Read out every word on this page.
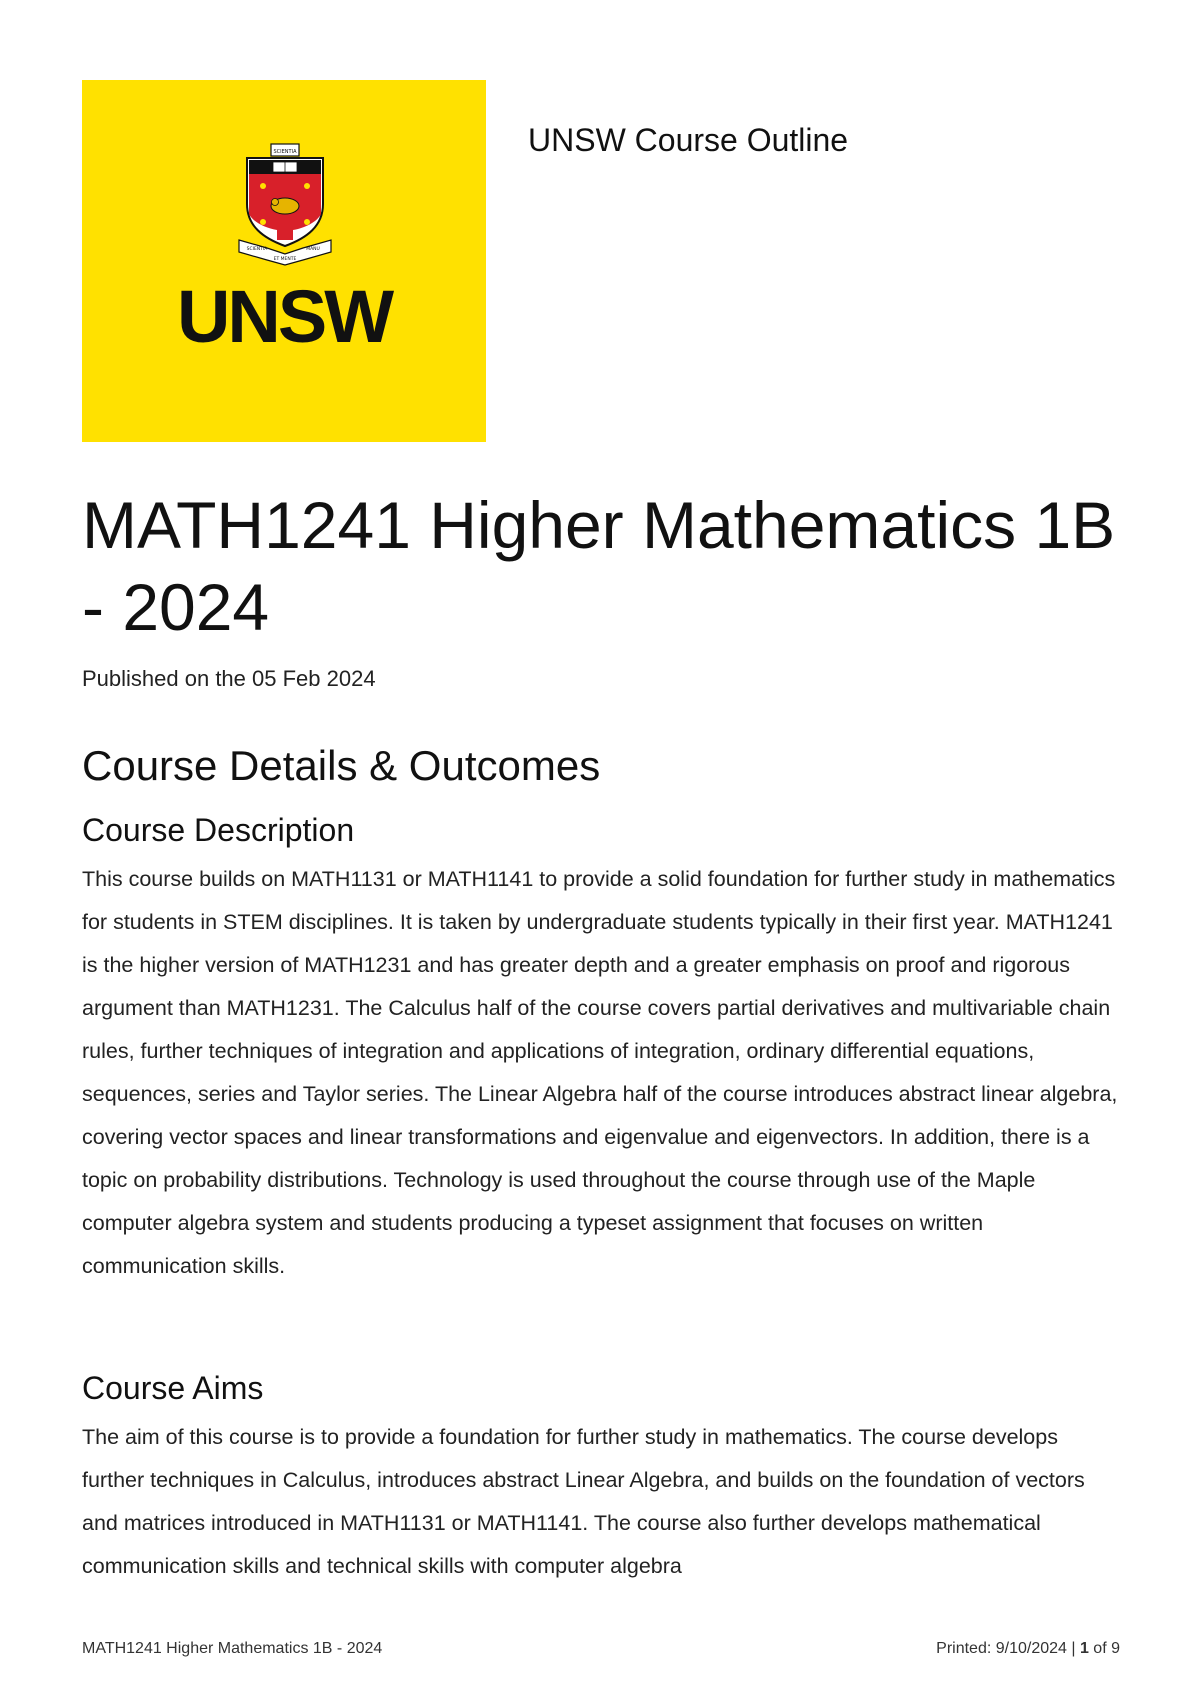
SCIENTIA
SCIENTIA	MANU
ET MENTE
UNSW
UNSW Course Outline
MATH1241 Higher Mathematics 1B - 2024
Published on the 05 Feb 2024
Course Details & Outcomes
Course Description

This course builds on MATH1131 or MATH1141 to provide a solid foundation for further study in mathematics for students in STEM disciplines. It is taken by undergraduate students typically in their first year. MATH1241 is the higher version of MATH1231 and has greater depth and a greater emphasis on proof and rigorous argument than MATH1231. The Calculus half of the course covers partial derivatives and multivariable chain rules, further techniques of integration and applications of integration, ordinary differential equations, sequences, series and Taylor series. The Linear Algebra half of the course introduces abstract linear algebra, covering vector spaces and linear transformations and eigenvalue and eigenvectors. In addition, there is a topic on probability distributions. Technology is used throughout the course through use of the Maple computer algebra system and students producing a typeset assignment that focuses on written communication skills.

Course Aims

The aim of this course is to provide a foundation for further study in mathematics. The course develops further techniques in Calculus, introduces abstract Linear Algebra, and builds on the foundation of vectors and matrices introduced in MATH1131 or MATH1141. The course also further develops mathematical communication skills and technical skills with computer algebra

MATH1241 Higher Mathematics 1B - 2024	Printed: 9/10/2024 | 1 of 9
